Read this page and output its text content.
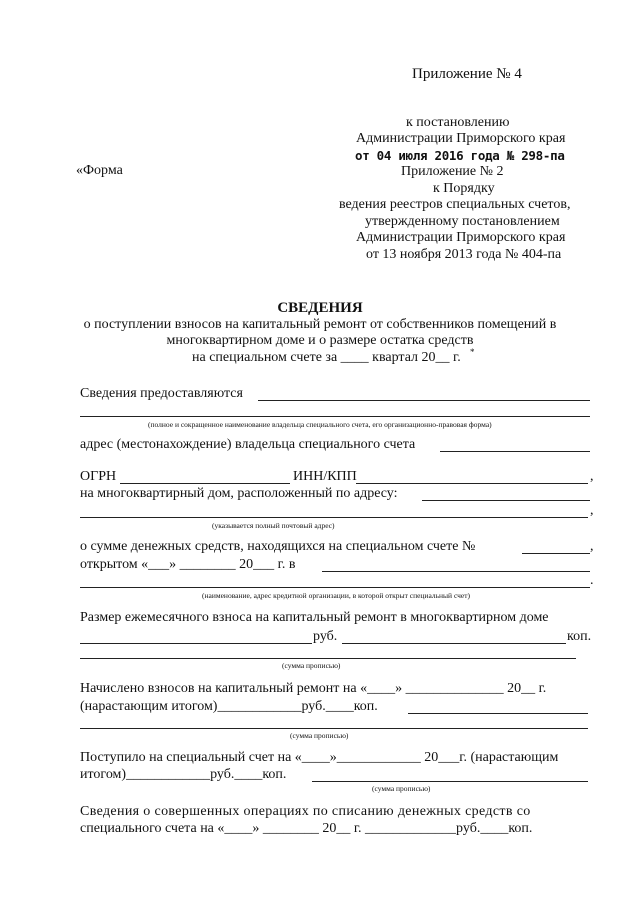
Приложение № 4
к постановлению
Администрации Приморского края
от 04 июля 2016 года № 298-па
«Форма	Приложение № 2
к Порядку
ведения реестров специальных счетов,
утвержденному постановлением
Администрации Приморского края
от 13 ноября 2013 года № 404-па
СВЕДЕНИЯ
о поступлении взносов на капитальный ремонт от собственников помещений в
многоквартирном доме и о размере остатка средств
на специальном счете за ____ квартал 20__ г. *
Сведения предоставляются
(полное и сокращенное наименование владельца специального счета, его организационно-правовая форма)
адрес (местонахождение) владельца специального счета
ОГРН	ИНН/КПП	,
на многоквартирный дом, расположенный по адресу:
,
(указывается полный почтовый адрес)
о сумме денежных средств, находящихся на специальном счете №	,
открытом «___» ________ 20___ г. в
.
(наименование, адрес кредитной организации, в которой открыт специальный счет)
Размер ежемесячного взноса на капитальный ремонт в многоквартирном доме
руб.	коп.
(сумма прописью)
Начислено взносов на капитальный ремонт на «____» ______________ 20__ г.
(нарастающим итогом)____________руб.____коп.
(сумма прописью)
Поступило на специальный счет на «____»____________ 20___г. (нарастающим
итогом)____________руб.____коп.
(сумма прописью)
Сведения о совершенных операциях по списанию денежных средств со
специального счета на «____» ________ 20__ г. _____________руб.____коп.
